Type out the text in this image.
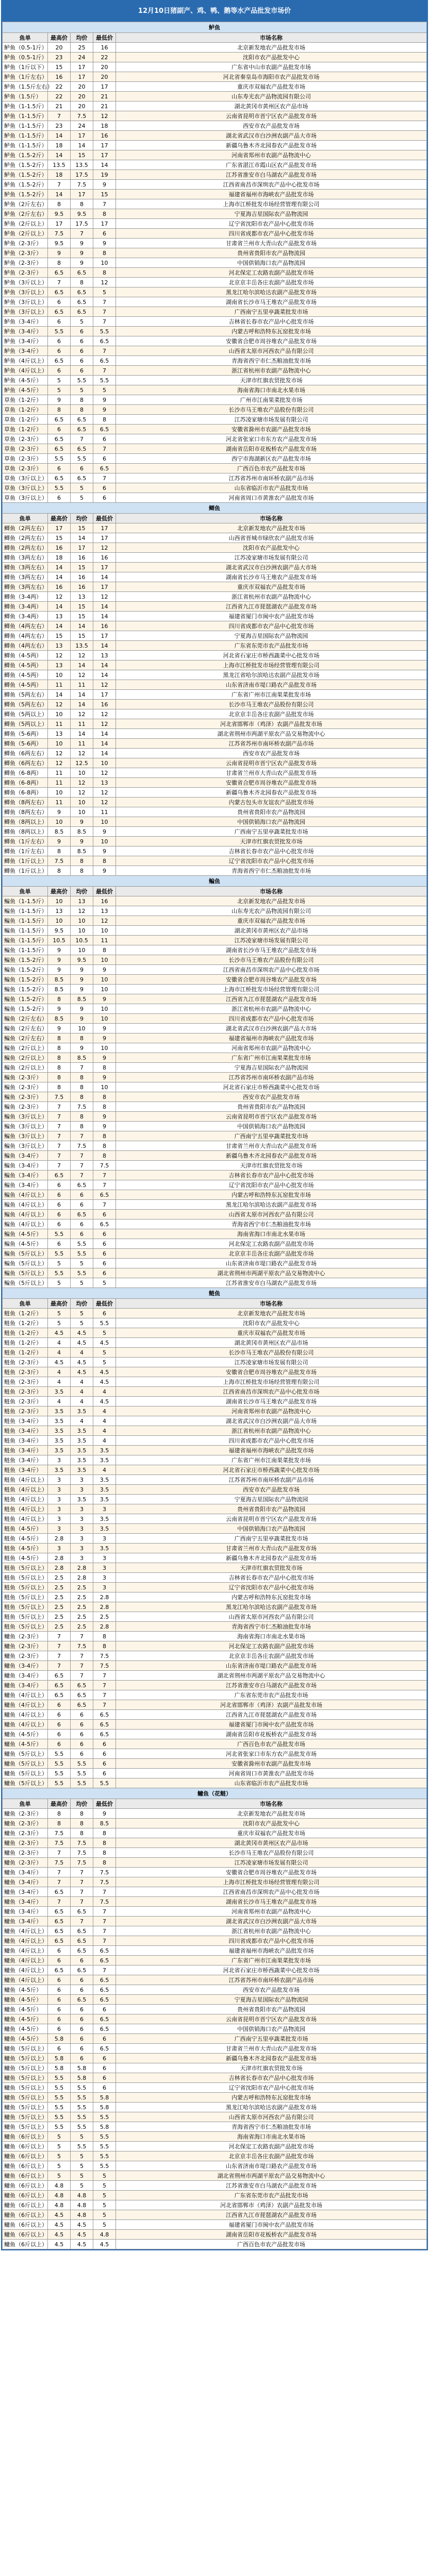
12月10日猪副产、鸡、鸭、鹅等水产品批发市场价
鲈鱼				
鱼单	最高价	均价	最低价	市场名称
鲈鱼（0.5-1斤）	20	25	16	北京新发地农产品批发市场
鲈鱼（0.5-1斤）	23	24	22	沈阳市农产品批发中心
鲈鱼（1斤以下）	15	17	20	广东省中山市农副产品批发市场
鲈鱼（1斤左右）	16	17	20	河北省秦皇岛市海阳市农产品批发市场
鲈鱼（1.5斤左右）	22	20	17	重庆市双福农产品批发市场
鲈鱼（1.5斤）	22	20	21	山东寿光农产品物流园有限公司
鲈鱼（1-1.5斤）	21	20	21	湖北黄冈市黄州区农产品市场
鲈鱼（1-1.5斤）	7	7.5	12	云南省昆明市晋宁区农产品批发市场
鲈鱼（1-1.5斤）	23	24	18	西安市农产品批发市场
鲈鱼（1-1.5斤）	14	17	16	湖北省武汉市白沙洲农副产品大市场
鲈鱼（1-1.5斤）	18	14	17	新疆乌鲁木齐北园春农产品批发市场
鲈鱼（1.5-2斤）	14	15	17	河南省郑州市农副产品物流中心
鲈鱼（1.5-2斤）	13.5	13.5	14	广东省湛江市霞山区农产品批发市场
鲈鱼（1.5-2斤）	18	17.5	19	江苏省淮安市白马湖农产品批发市场
鲈鱼（1.5-2斤）	7	7.5	9	江西省南昌市深圳农产品中心批发市场
鲈鱼（1.5-2斤）	14	17	15	福建省福州市海峡农产品批发市场
鲈鱼（2斤左右）	8	8	7	上海市江桥批发市场经营管理有限公司
鲈鱼（2斤左右）	9.5	9.5	8	宁夏海吉星国际农产品物流园
鲈鱼（2斤以上）	17	17.5	17	辽宁省沈阳市农产品中心批发市场
鲈鱼（2斤以上）	7.5	7	6	四川省成都市农产品中心批发市场
鲈鱼（2-3斤）	9.5	9	9	甘肃省兰州市大青山农产品批发市场
鲈鱼（2-3斤）	9	9	8	贵州省贵阳市农产品物流园
鲈鱼（2-3斤）	8	9	10	中国供销海口农产品物流园
鲈鱼（2-3斤）	6.5	6.5	8	河北保定工农路农副产品批发市场
鲈鱼（3斤以上）	7	8	12	北京京丰岳各庄农副产品批发市场
鲈鱼（3斤以上）	6.5	6.5	5	黑龙江哈尔滨哈达农副产品批发市场
鲈鱼（3斤以上）	6	6.5	7	湖南省长沙市马王堆农产品批发市场
鲈鱼（3斤以上）	6.5	6.5	7	广西南宁五里亭蔬菜批发市场
鲈鱼（3-4斤）	6	5	7	吉林省长春市农产品中心批发市场
鲈鱼（3-4斤）	5.5	6	5.5	内蒙古呼和浩特东瓦窑批发市场
鲈鱼（3-4斤）	6	6	6.5	安徽省合肥市周谷堆农产品批发市场
鲈鱼（3-4斤）	6	6	7	山西省太原市河西农产品有限公司
鲈鱼（4斤以上）	6.5	6	6.5	青海省西宁市仁杰粮油批发市场
鲈鱼（4斤以上）	6	6	7	浙江省杭州市农副产品物流中心
鲈鱼（4-5斤）	5	5.5	5.5	天津市红旗农贸批发市场
鲈鱼（4-5斤）	5	5	5	海南省海口市南北水果市场
草鱼（1-2斤）	9	8	9	广州市江南果菜批发市场
草鱼（1-2斤）	8	8	9	长沙市马王堆农产品股份有限公司
草鱼（1-2斤）	6.5	6.5	8	江苏凌家塘市场发展有限公司
草鱼（1-2斤）	6	6.5	6.5	安徽省滁州市农副产品批发市场
草鱼（2-3斤）	6.5	7	6	河北省张家口市东方农产品批发市场
草鱼（2-3斤）	6.5	6.5	7	湖南省岳阳市花板桥农产品批发市场
草鱼（2-3斤）	5.5	5.5	6	西宁市海湖新区农产品批发市场
草鱼（2-3斤）	6	6	6.5	广西百色市农产品批发市场
草鱼（3斤以上）	6.5	6.5	7	江苏省苏州市南环桥农副产品市场
草鱼（3斤以上）	5.5	5	6	山东省临沂市农产品批发市场
草鱼（3斤以上）	6	5	6	河南省周口市黄淮农产品批发市场
鲫鱼				
鱼单	最高价	均价	最低价	市场名称
鲫鱼（2两左右）	17	15	17	北京新发地农产品批发市场
鲫鱼（2两左右）	15	14	17	山西省晋城市绿欣农产品批发市场
鲫鱼（2两左右）	16	17	12	沈阳市农产品批发中心
鲫鱼（3两左右）	18	16	16	江苏凌家塘市场发展有限公司
鲫鱼（3两左右）	14	15	17	湖北省武汉市白沙洲农副产品大市场
鲫鱼（3两左右）	14	16	14	湖南省长沙市马王堆农产品批发市场
鲫鱼（3两左右）	16	16	17	重庆市双福农产品批发市场
鲫鱼（3-4两）	12	13	12	浙江省杭州市农副产品物流中心
鲫鱼（3-4两）	14	15	14	江西省九江市琵琶湖农产品批发市场
鲫鱼（3-4两）	13	15	14	福建省厦门市闽中农产品批发市场
鲫鱼（4两左右）	14	14	16	四川省成都市农产品中心批发市场
鲫鱼（4两左右）	15	15	17	宁夏海吉星国际农产品物流园
鲫鱼（4两左右）	13	13.5	14	广东省东莞市农产品批发市场
鲫鱼（4-5两）	12	12	13	河北省石家庄市桥西蔬菜中心批发市场
鲫鱼（4-5两）	13	14	14	上海市江桥批发市场经营管理有限公司
鲫鱼（4-5两）	10	12	14	黑龙江省哈尔滨哈达农副产品批发市场
鲫鱼（4-5两）	11	11	12	山东省济南市堤口路农产品批发市场
鲫鱼（5两左右）	14	14	17	广东省广州市江南果菜批发市场
鲫鱼（5两左右）	12	14	16	长沙市马王堆农产品股份有限公司
鲫鱼（5两以上）	10	12	12	北京京丰岳各庄农副产品批发市场
鲫鱼（5两以上）	11	11	12	河北省邯郸市（鸡泽）农副产品批发市场
鲫鱼（5-6两）	13	14	14	湖北省荆州市两湖平原农产品交易物流中心
鲫鱼（5-6两）	10	11	14	江苏省苏州市南环桥农副产品市场
鲫鱼（6两左右）	12	12	14	西安市农产品批发市场
鲫鱼（6两左右）	12	12.5	10	云南省昆明市晋宁区农产品批发市场
鲫鱼（6-8两）	11	10	12	甘肃省兰州市大青山农产品批发市场
鲫鱼（6-8两）	11	12	13	安徽省合肥市周谷堆农产品批发市场
鲫鱼（6-8两）	10	12	12	新疆乌鲁木齐北园春农产品批发市场
鲫鱼（8两左右）	11	10	12	内蒙古包头市友谊农产品批发市场
鲫鱼（8两左右）	9	10	11	贵州省贵阳市农产品物流园
鲫鱼（8两以上）	10	9	10	中国供销海口农产品物流园
鲫鱼（8两以上）	8.5	8.5	9	广西南宁五里亭蔬菜批发市场
鲫鱼（1斤左右）	9	9	10	天津市红旗农贸批发市场
鲫鱼（1斤左右）	8	8.5	9	吉林省长春市农产品中心批发市场
鲫鱼（1斤以上）	7.5	8	8	辽宁省沈阳市农产品中心批发市场
鲫鱼（1斤以上）	8	8	9	青海省西宁市仁杰粮油批发市场
鳊鱼				
鱼单	最高价	均价	最低价	市场名称
鳊鱼（1-1.5斤）	10	13	16	北京新发地农产品批发市场
鳊鱼（1-1.5斤）	13	12	13	山东寿光农产品物流园有限公司
鳊鱼（1-1.5斤）	10	10	12	重庆市双福农产品批发市场
鳊鱼（1-1.5斤）	9.5	10	10	湖北黄冈市黄州区农产品市场
鳊鱼（1-1.5斤）	10.5	10.5	11	江苏凌家塘市场发展有限公司
鳊鱼（1-1.5斤）	9	10	8	湖南省长沙市马王堆农产品批发市场
鳊鱼（1.5-2斤）	9	9.5	10	长沙市马王堆农产品股份有限公司
鳊鱼（1.5-2斤）	9	9	9	江西省南昌市深圳农产品中心批发市场
鳊鱼（1.5-2斤）	8.5	9	10	安徽省合肥市周谷堆农产品批发市场
鳊鱼（1.5-2斤）	8.5	9	10	上海市江桥批发市场经营管理有限公司
鳊鱼（1.5-2斤）	8	8.5	9	江西省九江市琵琶湖农产品批发市场
鳊鱼（1.5-2斤）	9	9	10	浙江省杭州市农副产品物流中心
鳊鱼（2斤左右）	8.5	9	10	四川省成都市农产品中心批发市场
鳊鱼（2斤左右）	9	10	9	湖北省武汉市白沙洲农副产品大市场
鳊鱼（2斤左右）	8	8	9	福建省福州市海峡农产品批发市场
鳊鱼（2斤以上）	8	9	10	河南省郑州市农副产品物流中心
鳊鱼（2斤以上）	8	8.5	9	广东省广州市江南果菜批发市场
鳊鱼（2斤以上）	8	7	8	宁夏海吉星国际农产品物流园
鳊鱼（2-3斤）	8	8	9	江苏省苏州市南环桥农副产品市场
鳊鱼（2-3斤）	8	8	10	河北省石家庄市桥西蔬菜中心批发市场
鳊鱼（2-3斤）	7.5	8	8	西安市农产品批发市场
鳊鱼（2-3斤）	7	7.5	8	贵州省贵阳市农产品物流园
鳊鱼（3斤以上）	7	8	9	云南省昆明市晋宁区农产品批发市场
鳊鱼（3斤以上）	7	8	9	中国供销海口农产品物流园
鳊鱼（3斤以上）	7	7	8	广西南宁五里亭蔬菜批发市场
鳊鱼（3斤以上）	7	7.5	8	甘肃省兰州市大青山农产品批发市场
鳊鱼（3-4斤）	7	7	8	新疆乌鲁木齐北园春农产品批发市场
鳊鱼（3-4斤）	7	7	7.5	天津市红旗农贸批发市场
鳊鱼（3-4斤）	6.5	7	7	吉林省长春市农产品中心批发市场
鳊鱼（3-4斤）	6	6.5	7	辽宁省沈阳市农产品中心批发市场
鳊鱼（4斤以上）	6	6	6.5	内蒙古呼和浩特东瓦窑批发市场
鳊鱼（4斤以上）	6	6	7	黑龙江哈尔滨哈达农副产品批发市场
鳊鱼（4斤以上）	6	6.5	6	山西省太原市河西农产品有限公司
鳊鱼（4斤以上）	6	6	6.5	青海省西宁市仁杰粮油批发市场
鳊鱼（4-5斤）	5.5	6	6	海南省海口市南北水果市场
鳊鱼（4-5斤）	6	5.5	6	河北保定工农路农副产品批发市场
鳊鱼（5斤以上）	5.5	5.5	6	北京京丰岳各庄农副产品批发市场
鳊鱼（5斤以上）	5	5	6	山东省济南市堤口路农产品批发市场
鳊鱼（5斤以上）	5.5	5.5	6	湖北省荆州市两湖平原农产品交易物流中心
鳊鱼（5斤以上）	5	5	5	江苏省淮安市白马湖农产品批发市场
鲢鱼				
鱼单	最高价	均价	最低价	市场名称
鲢鱼（1-2斤）	5	5	6	北京新发地农产品批发市场
鲢鱼（1-2斤）	5	5	5.5	沈阳市农产品批发中心
鲢鱼（1-2斤）	4.5	4.5	5	重庆市双福农产品批发市场
鲢鱼（1-2斤）	4	4.5	4.5	湖北黄冈市黄州区农产品市场
鲢鱼（1-2斤）	4	4	5	长沙市马王堆农产品股份有限公司
鲢鱼（2-3斤）	4.5	4.5	5	江苏凌家塘市场发展有限公司
鲢鱼（2-3斤）	4	4.5	4.5	安徽省合肥市周谷堆农产品批发市场
鲢鱼（2-3斤）	4	4	4.5	上海市江桥批发市场经营管理有限公司
鲢鱼（2-3斤）	3.5	4	4	江西省南昌市深圳农产品中心批发市场
鲢鱼（2-3斤）	4	4	4.5	湖南省长沙市马王堆农产品批发市场
鲢鱼（2-3斤）	3.5	3.5	4	河南省郑州市农副产品物流中心
鲢鱼（3-4斤）	3.5	4	4	湖北省武汉市白沙洲农副产品大市场
鲢鱼（3-4斤）	3.5	3.5	4	浙江省杭州市农副产品物流中心
鲢鱼（3-4斤）	3.5	3.5	4	四川省成都市农产品中心批发市场
鲢鱼（3-4斤）	3.5	3.5	3.5	福建省福州市海峡农产品批发市场
鲢鱼（3-4斤）	3	3.5	3.5	广东省广州市江南果菜批发市场
鲢鱼（3-4斤）	3.5	3.5	4	河北省石家庄市桥西蔬菜中心批发市场
鲢鱼（4斤以上）	3	3	3.5	江苏省苏州市南环桥农副产品市场
鲢鱼（4斤以上）	3	3	3.5	西安市农产品批发市场
鲢鱼（4斤以上）	3	3.5	3.5	宁夏海吉星国际农产品物流园
鲢鱼（4斤以上）	3	3	3	贵州省贵阳市农产品物流园
鲢鱼（4斤以上）	3	3	3.5	云南省昆明市晋宁区农产品批发市场
鲢鱼（4-5斤）	3	3	3.5	中国供销海口农产品物流园
鲢鱼（4-5斤）	2.8	3	3	广西南宁五里亭蔬菜批发市场
鲢鱼（4-5斤）	3	3	3.5	甘肃省兰州市大青山农产品批发市场
鲢鱼（4-5斤）	2.8	3	3	新疆乌鲁木齐北园春农产品批发市场
鲢鱼（5斤以上）	2.8	2.8	3	天津市红旗农贸批发市场
鲢鱼（5斤以上）	2.5	2.8	3	吉林省长春市农产品中心批发市场
鲢鱼（5斤以上）	2.5	2.5	3	辽宁省沈阳市农产品中心批发市场
鲢鱼（5斤以上）	2.5	2.5	2.8	内蒙古呼和浩特东瓦窑批发市场
鲢鱼（5斤以上）	2.5	2.5	2.8	黑龙江哈尔滨哈达农副产品批发市场
鲢鱼（5斤以上）	2.5	2.5	2.5	山西省太原市河西农产品有限公司
鲢鱼（5斤以上）	2.5	2.5	2.8	青海省西宁市仁杰粮油批发市场
鳙鱼（2-3斤）	7	7	8	海南省海口市南北水果市场
鳙鱼（2-3斤）	7	7.5	8	河北保定工农路农副产品批发市场
鳙鱼（2-3斤）	7	7	7.5	北京京丰岳各庄农副产品批发市场
鳙鱼（3-4斤）	7	7	7.5	山东省济南市堤口路农产品批发市场
鳙鱼（3-4斤）	6.5	7	7	湖北省荆州市两湖平原农产品交易物流中心
鳙鱼（3-4斤）	6.5	6.5	7	江苏省淮安市白马湖农产品批发市场
鳙鱼（4斤以上）	6.5	6.5	7	广东省东莞市农产品批发市场
鳙鱼（4斤以上）	6	6.5	7	河北省邯郸市（鸡泽）农副产品批发市场
鳙鱼（4斤以上）	6	6	6.5	江西省九江市琵琶湖农产品批发市场
鳙鱼（4斤以上）	6	6	6.5	福建省厦门市闽中农产品批发市场
鳙鱼（4-5斤）	6	6	6.5	湖南省岳阳市花板桥农产品批发市场
鳙鱼（4-5斤）	6	6	6	广西百色市农产品批发市场
鳙鱼（5斤以上）	5.5	6	6	河北省张家口市东方农产品批发市场
鳙鱼（5斤以上）	5.5	5.5	6	安徽省滁州市农副产品批发市场
鳙鱼（5斤以上）	5.5	5.5	6	河南省周口市黄淮农产品批发市场
鳙鱼（5斤以上）	5.5	5.5	5.5	山东省临沂市农产品批发市场
鳙鱼（花鲢）				
鱼单	最高价	均价	最低价	市场名称
鳙鱼（2-3斤）	8	8	9	北京新发地农产品批发市场
鳙鱼（2-3斤）	8	8	8.5	沈阳市农产品批发中心
鳙鱼（2-3斤）	7.5	8	8	重庆市双福农产品批发市场
鳙鱼（2-3斤）	7.5	7.5	8	湖北黄冈市黄州区农产品市场
鳙鱼（2-3斤）	7	7.5	8	长沙市马王堆农产品股份有限公司
鳙鱼（2-3斤）	7.5	7.5	8	江苏凌家塘市场发展有限公司
鳙鱼（3-4斤）	7	7	7.5	安徽省合肥市周谷堆农产品批发市场
鳙鱼（3-4斤）	7	7	7.5	上海市江桥批发市场经营管理有限公司
鳙鱼（3-4斤）	6.5	7	7	江西省南昌市深圳农产品中心批发市场
鳙鱼（3-4斤）	7	7	7.5	湖南省长沙市马王堆农产品批发市场
鳙鱼（3-4斤）	6.5	6.5	7	河南省郑州市农副产品物流中心
鳙鱼（3-4斤）	6.5	7	7	湖北省武汉市白沙洲农副产品大市场
鳙鱼（4斤以上）	6.5	6.5	7	浙江省杭州市农副产品物流中心
鳙鱼（4斤以上）	6.5	6.5	7	四川省成都市农产品中心批发市场
鳙鱼（4斤以上）	6	6.5	6.5	福建省福州市海峡农产品批发市场
鳙鱼（4斤以上）	6	6	6.5	广东省广州市江南果菜批发市场
鳙鱼（4斤以上）	6.5	6.5	7	河北省石家庄市桥西蔬菜中心批发市场
鳙鱼（4斤以上）	6	6	6.5	江苏省苏州市南环桥农副产品市场
鳙鱼（4-5斤）	6	6	6.5	西安市农产品批发市场
鳙鱼（4-5斤）	6	6.5	6.5	宁夏海吉星国际农产品物流园
鳙鱼（4-5斤）	6	6	6	贵州省贵阳市农产品物流园
鳙鱼（4-5斤）	6	6	6.5	云南省昆明市晋宁区农产品批发市场
鳙鱼（4-5斤）	6	6	6.5	中国供销海口农产品物流园
鳙鱼（4-5斤）	5.8	6	6	广西南宁五里亭蔬菜批发市场
鳙鱼（5斤以上）	6	6	6.5	甘肃省兰州市大青山农产品批发市场
鳙鱼（5斤以上）	5.8	6	6	新疆乌鲁木齐北园春农产品批发市场
鳙鱼（5斤以上）	5.8	5.8	6	天津市红旗农贸批发市场
鳙鱼（5斤以上）	5.5	5.8	6	吉林省长春市农产品中心批发市场
鳙鱼（5斤以上）	5.5	5.5	6	辽宁省沈阳市农产品中心批发市场
鳙鱼（5斤以上）	5.5	5.5	5.8	内蒙古呼和浩特东瓦窑批发市场
鳙鱼（5斤以上）	5.5	5.5	5.8	黑龙江哈尔滨哈达农副产品批发市场
鳙鱼（5斤以上）	5.5	5.5	5.5	山西省太原市河西农产品有限公司
鳙鱼（5斤以上）	5.5	5.5	5.8	青海省西宁市仁杰粮油批发市场
鳙鱼（6斤以上）	5	5	5.5	海南省海口市南北水果市场
鳙鱼（6斤以上）	5	5.5	5.5	河北保定工农路农副产品批发市场
鳙鱼（6斤以上）	5	5	5.5	北京京丰岳各庄农副产品批发市场
鳙鱼（6斤以上）	5	5	5.5	山东省济南市堤口路农产品批发市场
鳙鱼（6斤以上）	5	5	5	湖北省荆州市两湖平原农产品交易物流中心
鳙鱼（6斤以上）	4.8	5	5	江苏省淮安市白马湖农产品批发市场
鳙鱼（6斤以上）	4.8	4.8	5	广东省东莞市农产品批发市场
鳙鱼（6斤以上）	4.8	4.8	5	河北省邯郸市（鸡泽）农副产品批发市场
鳙鱼（6斤以上）	4.5	4.8	5	江西省九江市琵琶湖农产品批发市场
鳙鱼（6斤以上）	4.5	4.5	5	福建省厦门市闽中农产品批发市场
鳙鱼（6斤以上）	4.5	4.5	4.8	湖南省岳阳市花板桥农产品批发市场
鳙鱼（6斤以上）	4.5	4.5	4.5	广西百色市农产品批发市场
